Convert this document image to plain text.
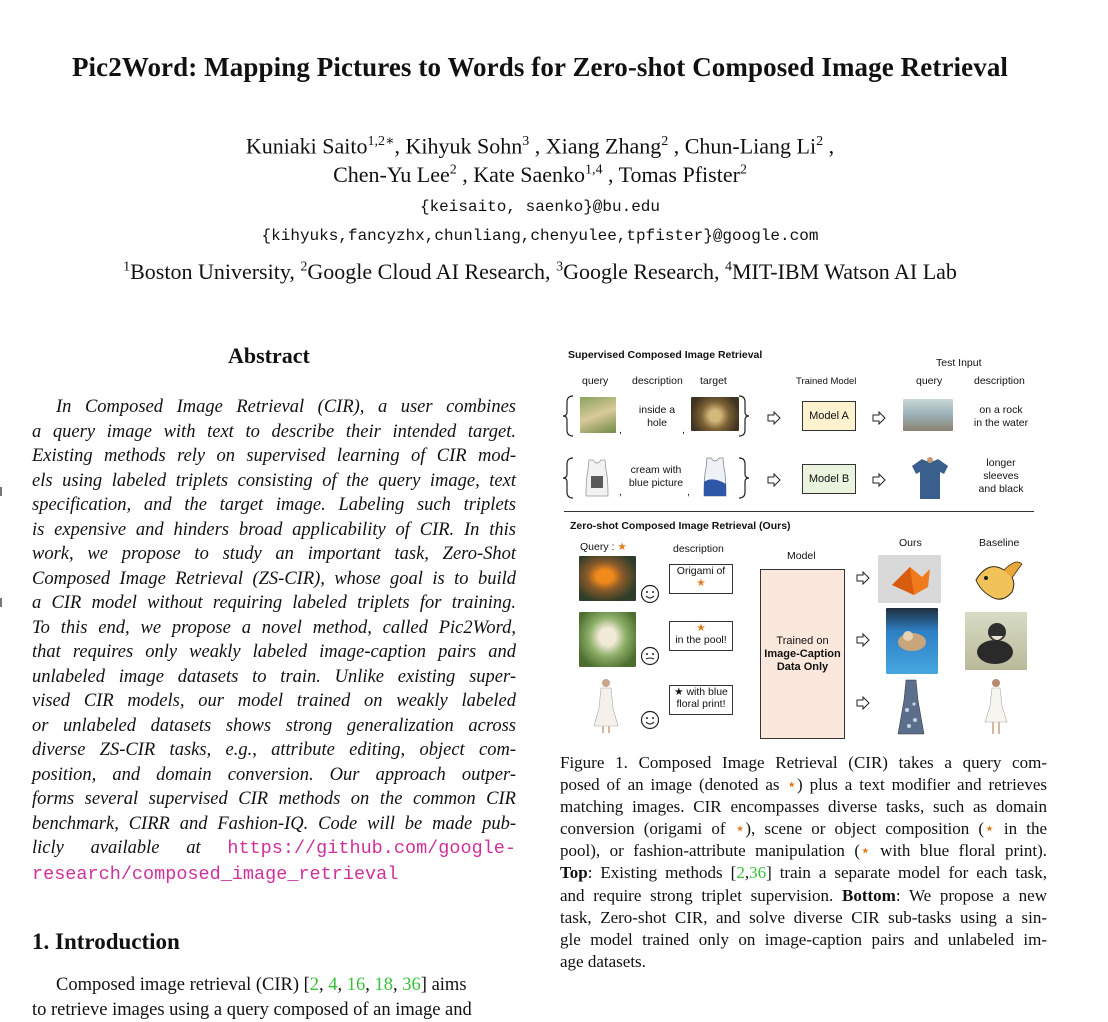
Pic2Word: Mapping Pictures to Words for Zero-shot Composed Image Retrieval
Kuniaki Saito$^{1,2∗}$, Kihyuk Sohn$^3$ , Xiang Zhang$^2$ , Chun-Liang Li$^2$ ,
Chen-Yu Lee$^2$ , Kate Saenko$^{1,4}$ , Tomas Pfister$^2$
{keisaito, saenko}@bu.edu
{kihyuks,fancyzhx,chunliang,chenyulee,tpfister}@google.com
$^1$Boston University, $^2$Google Cloud AI Research, $^3$Google Research, $^4$MIT-IBM Watson AI Lab
Abstract
In Composed Image Retrieval (CIR), a user combines
a query image with text to describe their intended target.
Existing methods rely on supervised learning of CIR mod-
els using labeled triplets consisting of the query image, text
specification, and the target image. Labeling such triplets
is expensive and hinders broad applicability of CIR. In this
work, we propose to study an important task, Zero-Shot
Composed Image Retrieval (ZS-CIR), whose goal is to build
a CIR model without requiring labeled triplets for training.
To this end, we propose a novel method, called Pic2Word,
that requires only weakly labeled image-caption pairs and
unlabeled image datasets to train. Unlike existing super-
vised CIR models, our model trained on weakly labeled
or unlabeled datasets shows strong generalization across
diverse ZS-CIR tasks, e.g., attribute editing, object com-
position, and domain conversion. Our approach outper-
forms several supervised CIR methods on the common CIR
benchmark, CIRR and Fashion-IQ. Code will be made pub-
licly available at https://github.com/google-
research/composed_image_retrieval
1. Introduction
Composed image retrieval (CIR) [2, 4, 16, 18, 36] aims
to retrieve images using a query composed of an image and
Supervised Composed Image Retrieval
query description target	Trained Model
Test Input
query	description
,
inside a
hole
,
Model A	on a rock
in the water
,
cream with
blue picture
,
Model B
longer
sleeves
and black
Zero-shot Composed Image Retrieval (Ours)
Query : ★	description
Model
Ours	Baseline
Origami of
★
★
in the pool!
★ with blue
floral print!
Trained on
Image-Caption
Data Only
Figure 1. Composed Image Retrieval (CIR) takes a query com-
posed of an image (denoted as ⋆) plus a text modifier and retrieves
matching images. CIR encompasses diverse tasks, such as domain
conversion (origami of ⋆), scene or object composition (⋆ in the
pool), or fashion-attribute manipulation (⋆ with blue floral print).
Top: Existing methods [2,36] train a separate model for each task,
and require strong triplet supervision. Bottom: We propose a new
task, Zero-shot CIR, and solve diverse CIR sub-tasks using a sin-
gle model trained only on image-caption pairs and unlabeled im-
age datasets.
